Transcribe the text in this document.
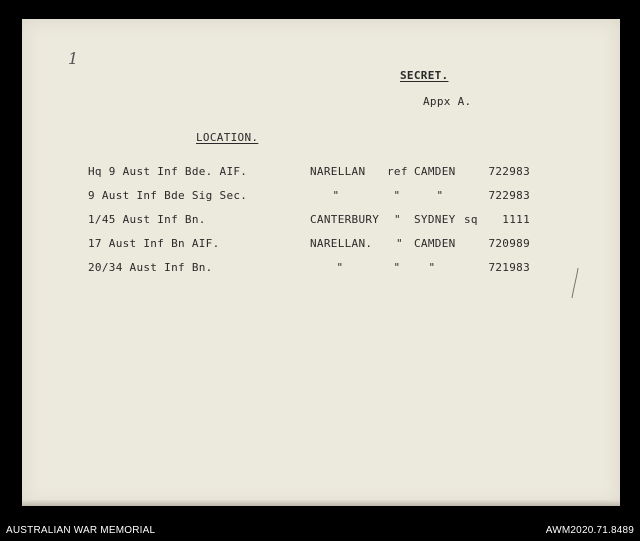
1
SECRET.
Appx A.
LOCATION.
Hq 9 Aust Inf Bde. AIF.	NARELLAN ref CAMDEN	722983
9 Aust Inf Bde Sig Sec.	"	"	"	722983
1/45 Aust Inf Bn.	CANTERBURY " SYDNEY sq	1111
17 Aust Inf Bn AIF.	NARELLAN. " CAMDEN	720989
20/34 Aust Inf Bn.	"	"	"	721983
AUSTRALIAN WAR MEMORIAL	AWM2020.71.8489
